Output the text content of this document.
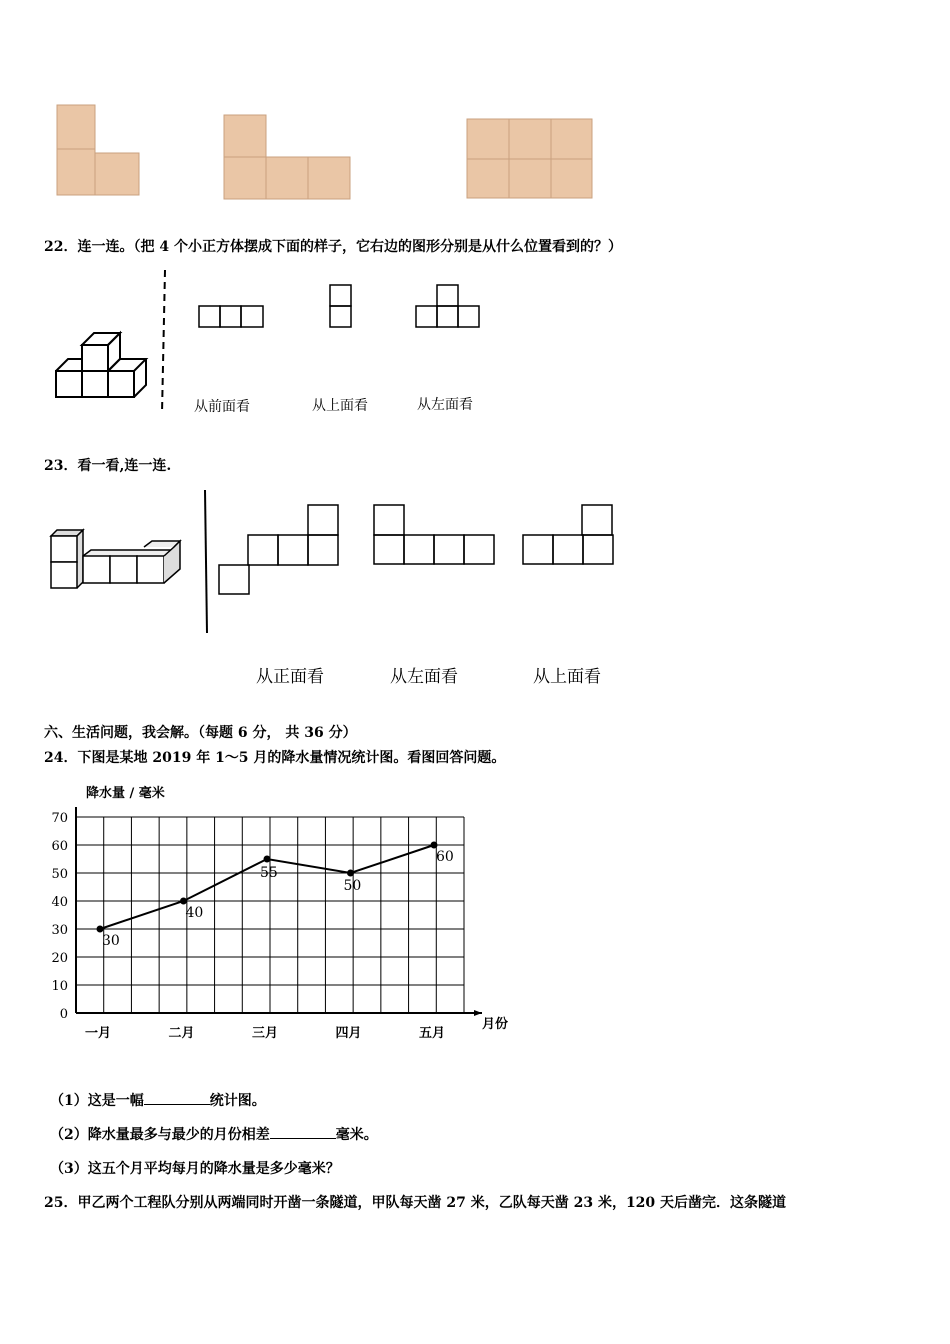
22．连一连。（把 4 个小正方体摆成下面的样子，它右边的图形分别是从什么位置看到的？）
从前面看	从上面看	从左面看
23．看一看,连一连.
从正面看	从左面看	从上面看
六、生活问题，我会解。（每题 6 分， 共 36 分）
24．下图是某地 2019 年 1～5 月的降水量情况统计图。看图回答问题。
降水量 / 毫米
月份
0
10
20
30
40
50
60
70
一月	二月	三月	四月	五月
30
40
55
50
60
（1）这是一幅	统计图。
（2）降水量最多与最少的月份相差	毫米。
（3）这五个月平均每月的降水量是多少毫米？
25．甲乙两个工程队分别从两端同时开凿一条隧道，甲队每天凿 27 米，乙队每天凿 23 米，120 天后凿完．这条隧道
